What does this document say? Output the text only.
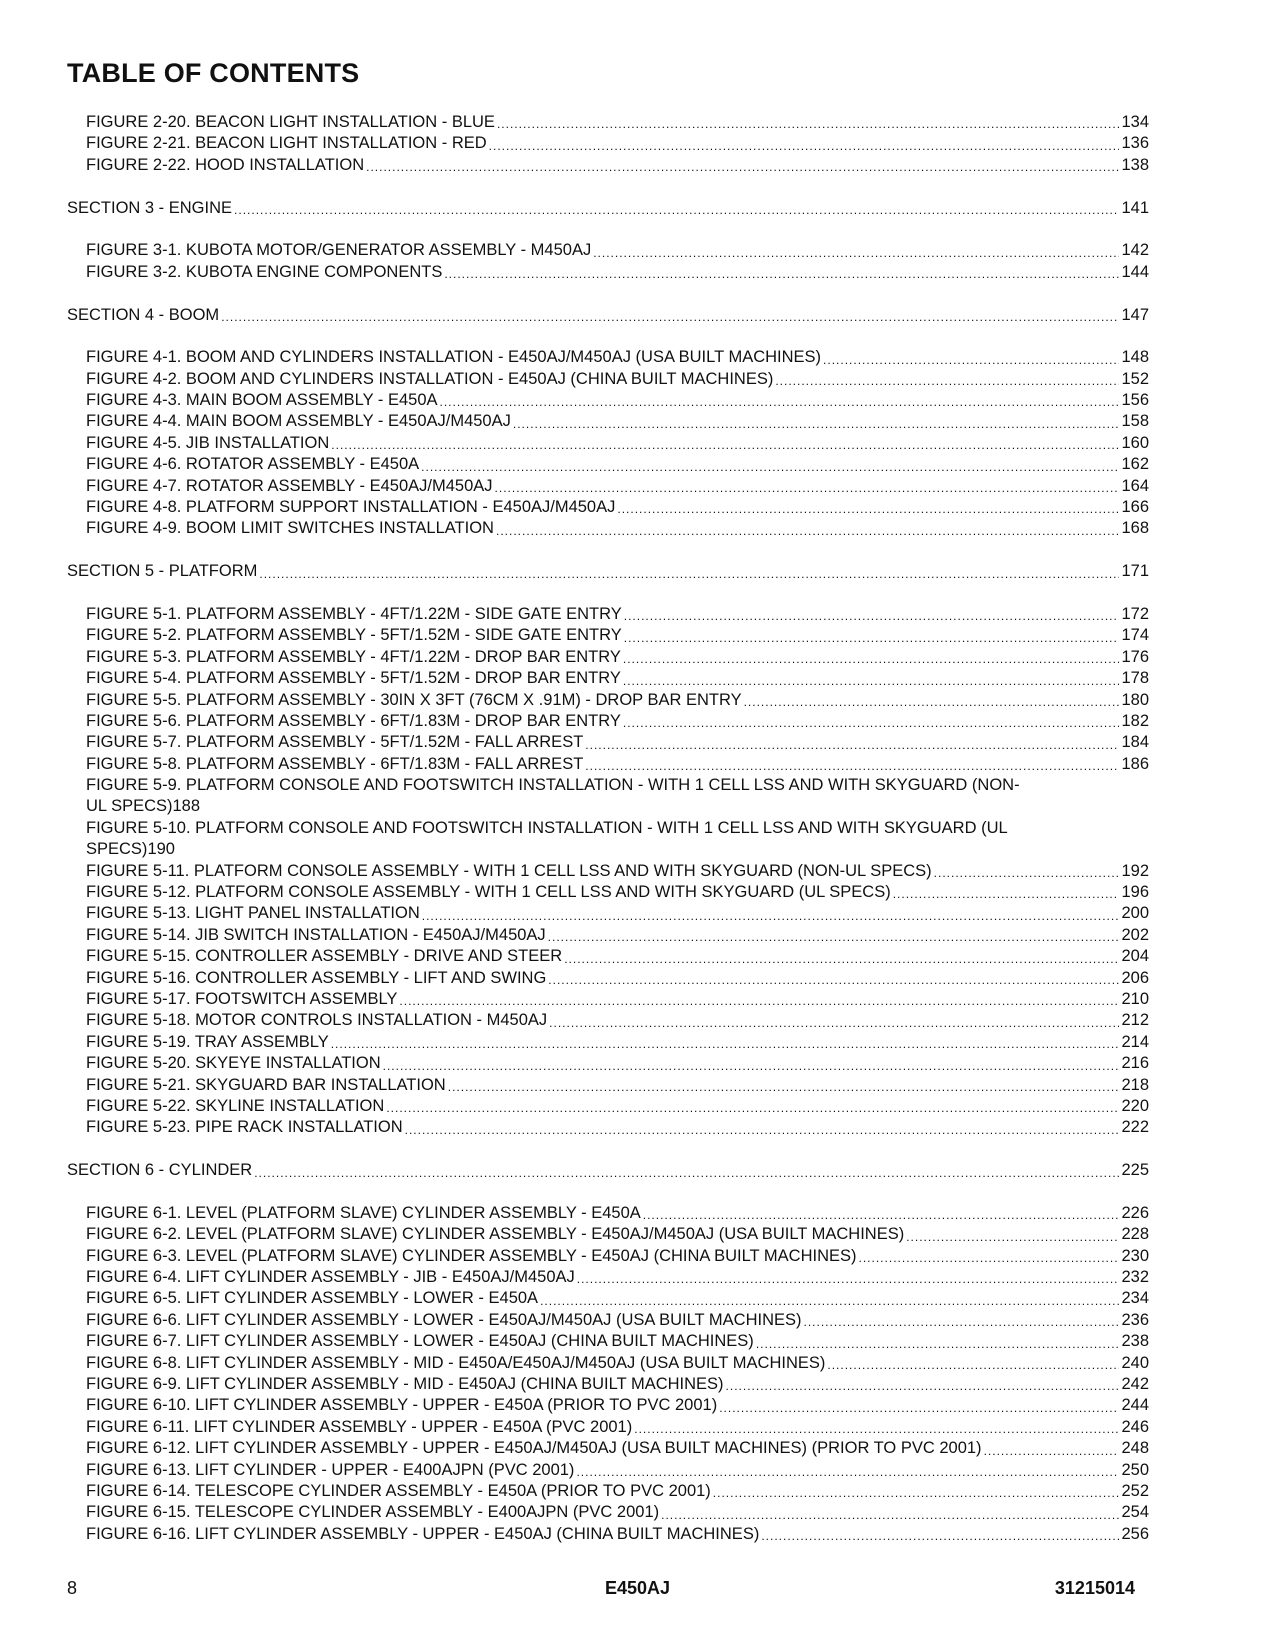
TABLE OF CONTENTS
FIGURE 2-20. BEACON LIGHT INSTALLATION - BLUE .....	134
FIGURE 2-21. BEACON LIGHT INSTALLATION - RED .....	136
FIGURE 2-22. HOOD INSTALLATION .....	138
SECTION 3 - ENGINE .....	141
FIGURE 3-1. KUBOTA MOTOR/GENERATOR ASSEMBLY - M450AJ .....	142
FIGURE 3-2. KUBOTA ENGINE COMPONENTS .....	144
SECTION 4 - BOOM .....	147
FIGURE 4-1. BOOM AND CYLINDERS INSTALLATION - E450AJ/M450AJ (USA BUILT MACHINES) .....	148
FIGURE 4-2. BOOM AND CYLINDERS INSTALLATION - E450AJ (CHINA BUILT MACHINES) .....	152
FIGURE 4-3. MAIN BOOM ASSEMBLY - E450A .....	156
FIGURE 4-4. MAIN BOOM ASSEMBLY - E450AJ/M450AJ .....	158
FIGURE 4-5. JIB INSTALLATION .....	160
FIGURE 4-6. ROTATOR ASSEMBLY - E450A .....	162
FIGURE 4-7. ROTATOR ASSEMBLY - E450AJ/M450AJ .....	164
FIGURE 4-8. PLATFORM SUPPORT INSTALLATION - E450AJ/M450AJ .....	166
FIGURE 4-9. BOOM LIMIT SWITCHES INSTALLATION .....	168
SECTION 5 - PLATFORM .....	171
FIGURE 5-1. PLATFORM ASSEMBLY - 4FT/1.22M - SIDE GATE ENTRY .....	172
FIGURE 5-2. PLATFORM ASSEMBLY - 5FT/1.52M - SIDE GATE ENTRY .....	174
FIGURE 5-3. PLATFORM ASSEMBLY - 4FT/1.22M - DROP BAR ENTRY .....	176
FIGURE 5-4. PLATFORM ASSEMBLY - 5FT/1.52M - DROP BAR ENTRY .....	178
FIGURE 5-5. PLATFORM ASSEMBLY - 30IN X 3FT (76CM X .91M) - DROP BAR ENTRY .....	180
FIGURE 5-6. PLATFORM ASSEMBLY - 6FT/1.83M - DROP BAR ENTRY .....	182
FIGURE 5-7. PLATFORM ASSEMBLY - 5FT/1.52M - FALL ARREST .....	184
FIGURE 5-8. PLATFORM ASSEMBLY - 6FT/1.83M - FALL ARREST .....	186
FIGURE 5-9. PLATFORM CONSOLE AND FOOTSWITCH INSTALLATION - WITH 1 CELL LSS AND WITH SKYGUARD (NON-
UL SPECS) 188
FIGURE 5-10. PLATFORM CONSOLE AND FOOTSWITCH INSTALLATION - WITH 1 CELL LSS AND WITH SKYGUARD (UL
SPECS) 190
FIGURE 5-11. PLATFORM CONSOLE ASSEMBLY - WITH 1 CELL LSS AND WITH SKYGUARD (NON-UL SPECS) .....	192
FIGURE 5-12. PLATFORM CONSOLE ASSEMBLY - WITH 1 CELL LSS AND WITH SKYGUARD (UL SPECS) .....	196
FIGURE 5-13. LIGHT PANEL INSTALLATION .....	200
FIGURE 5-14. JIB SWITCH INSTALLATION - E450AJ/M450AJ .....	202
FIGURE 5-15. CONTROLLER ASSEMBLY - DRIVE AND STEER .....	204
FIGURE 5-16. CONTROLLER ASSEMBLY - LIFT AND SWING .....	206
FIGURE 5-17. FOOTSWITCH ASSEMBLY .....	210
FIGURE 5-18. MOTOR CONTROLS INSTALLATION - M450AJ .....	212
FIGURE 5-19. TRAY ASSEMBLY .....	214
FIGURE 5-20. SKYEYE INSTALLATION .....	216
FIGURE 5-21. SKYGUARD BAR INSTALLATION .....	218
FIGURE 5-22. SKYLINE INSTALLATION .....	220
FIGURE 5-23. PIPE RACK INSTALLATION .....	222
SECTION 6 - CYLINDER .....	225
FIGURE 6-1. LEVEL (PLATFORM SLAVE) CYLINDER ASSEMBLY - E450A .....	226
FIGURE 6-2. LEVEL (PLATFORM SLAVE) CYLINDER ASSEMBLY - E450AJ/M450AJ (USA BUILT MACHINES) .....	228
FIGURE 6-3. LEVEL (PLATFORM SLAVE) CYLINDER ASSEMBLY - E450AJ (CHINA BUILT MACHINES) .....	230
FIGURE 6-4. LIFT CYLINDER ASSEMBLY - JIB - E450AJ/M450AJ .....	232
FIGURE 6-5. LIFT CYLINDER ASSEMBLY - LOWER - E450A .....	234
FIGURE 6-6. LIFT CYLINDER ASSEMBLY - LOWER - E450AJ/M450AJ (USA BUILT MACHINES) .....	236
FIGURE 6-7. LIFT CYLINDER ASSEMBLY - LOWER - E450AJ (CHINA BUILT MACHINES) .....	238
FIGURE 6-8. LIFT CYLINDER ASSEMBLY - MID - E450A/E450AJ/M450AJ (USA BUILT MACHINES) .....	240
FIGURE 6-9. LIFT CYLINDER ASSEMBLY - MID - E450AJ (CHINA BUILT MACHINES) .....	242
FIGURE 6-10. LIFT CYLINDER ASSEMBLY - UPPER - E450A (PRIOR TO PVC 2001) .....	244
FIGURE 6-11. LIFT CYLINDER ASSEMBLY - UPPER - E450A (PVC 2001) .....	246
FIGURE 6-12. LIFT CYLINDER ASSEMBLY - UPPER - E450AJ/M450AJ (USA BUILT MACHINES) (PRIOR TO PVC 2001) .....	248
FIGURE 6-13. LIFT CYLINDER - UPPER - E400AJPN (PVC 2001) .....	250
FIGURE 6-14. TELESCOPE CYLINDER ASSEMBLY - E450A (PRIOR TO PVC 2001) .....	252
FIGURE 6-15. TELESCOPE CYLINDER ASSEMBLY - E400AJPN (PVC 2001) .....	254
FIGURE 6-16. LIFT CYLINDER ASSEMBLY - UPPER - E450AJ (CHINA BUILT MACHINES) .....	256
8	E450AJ	31215014
